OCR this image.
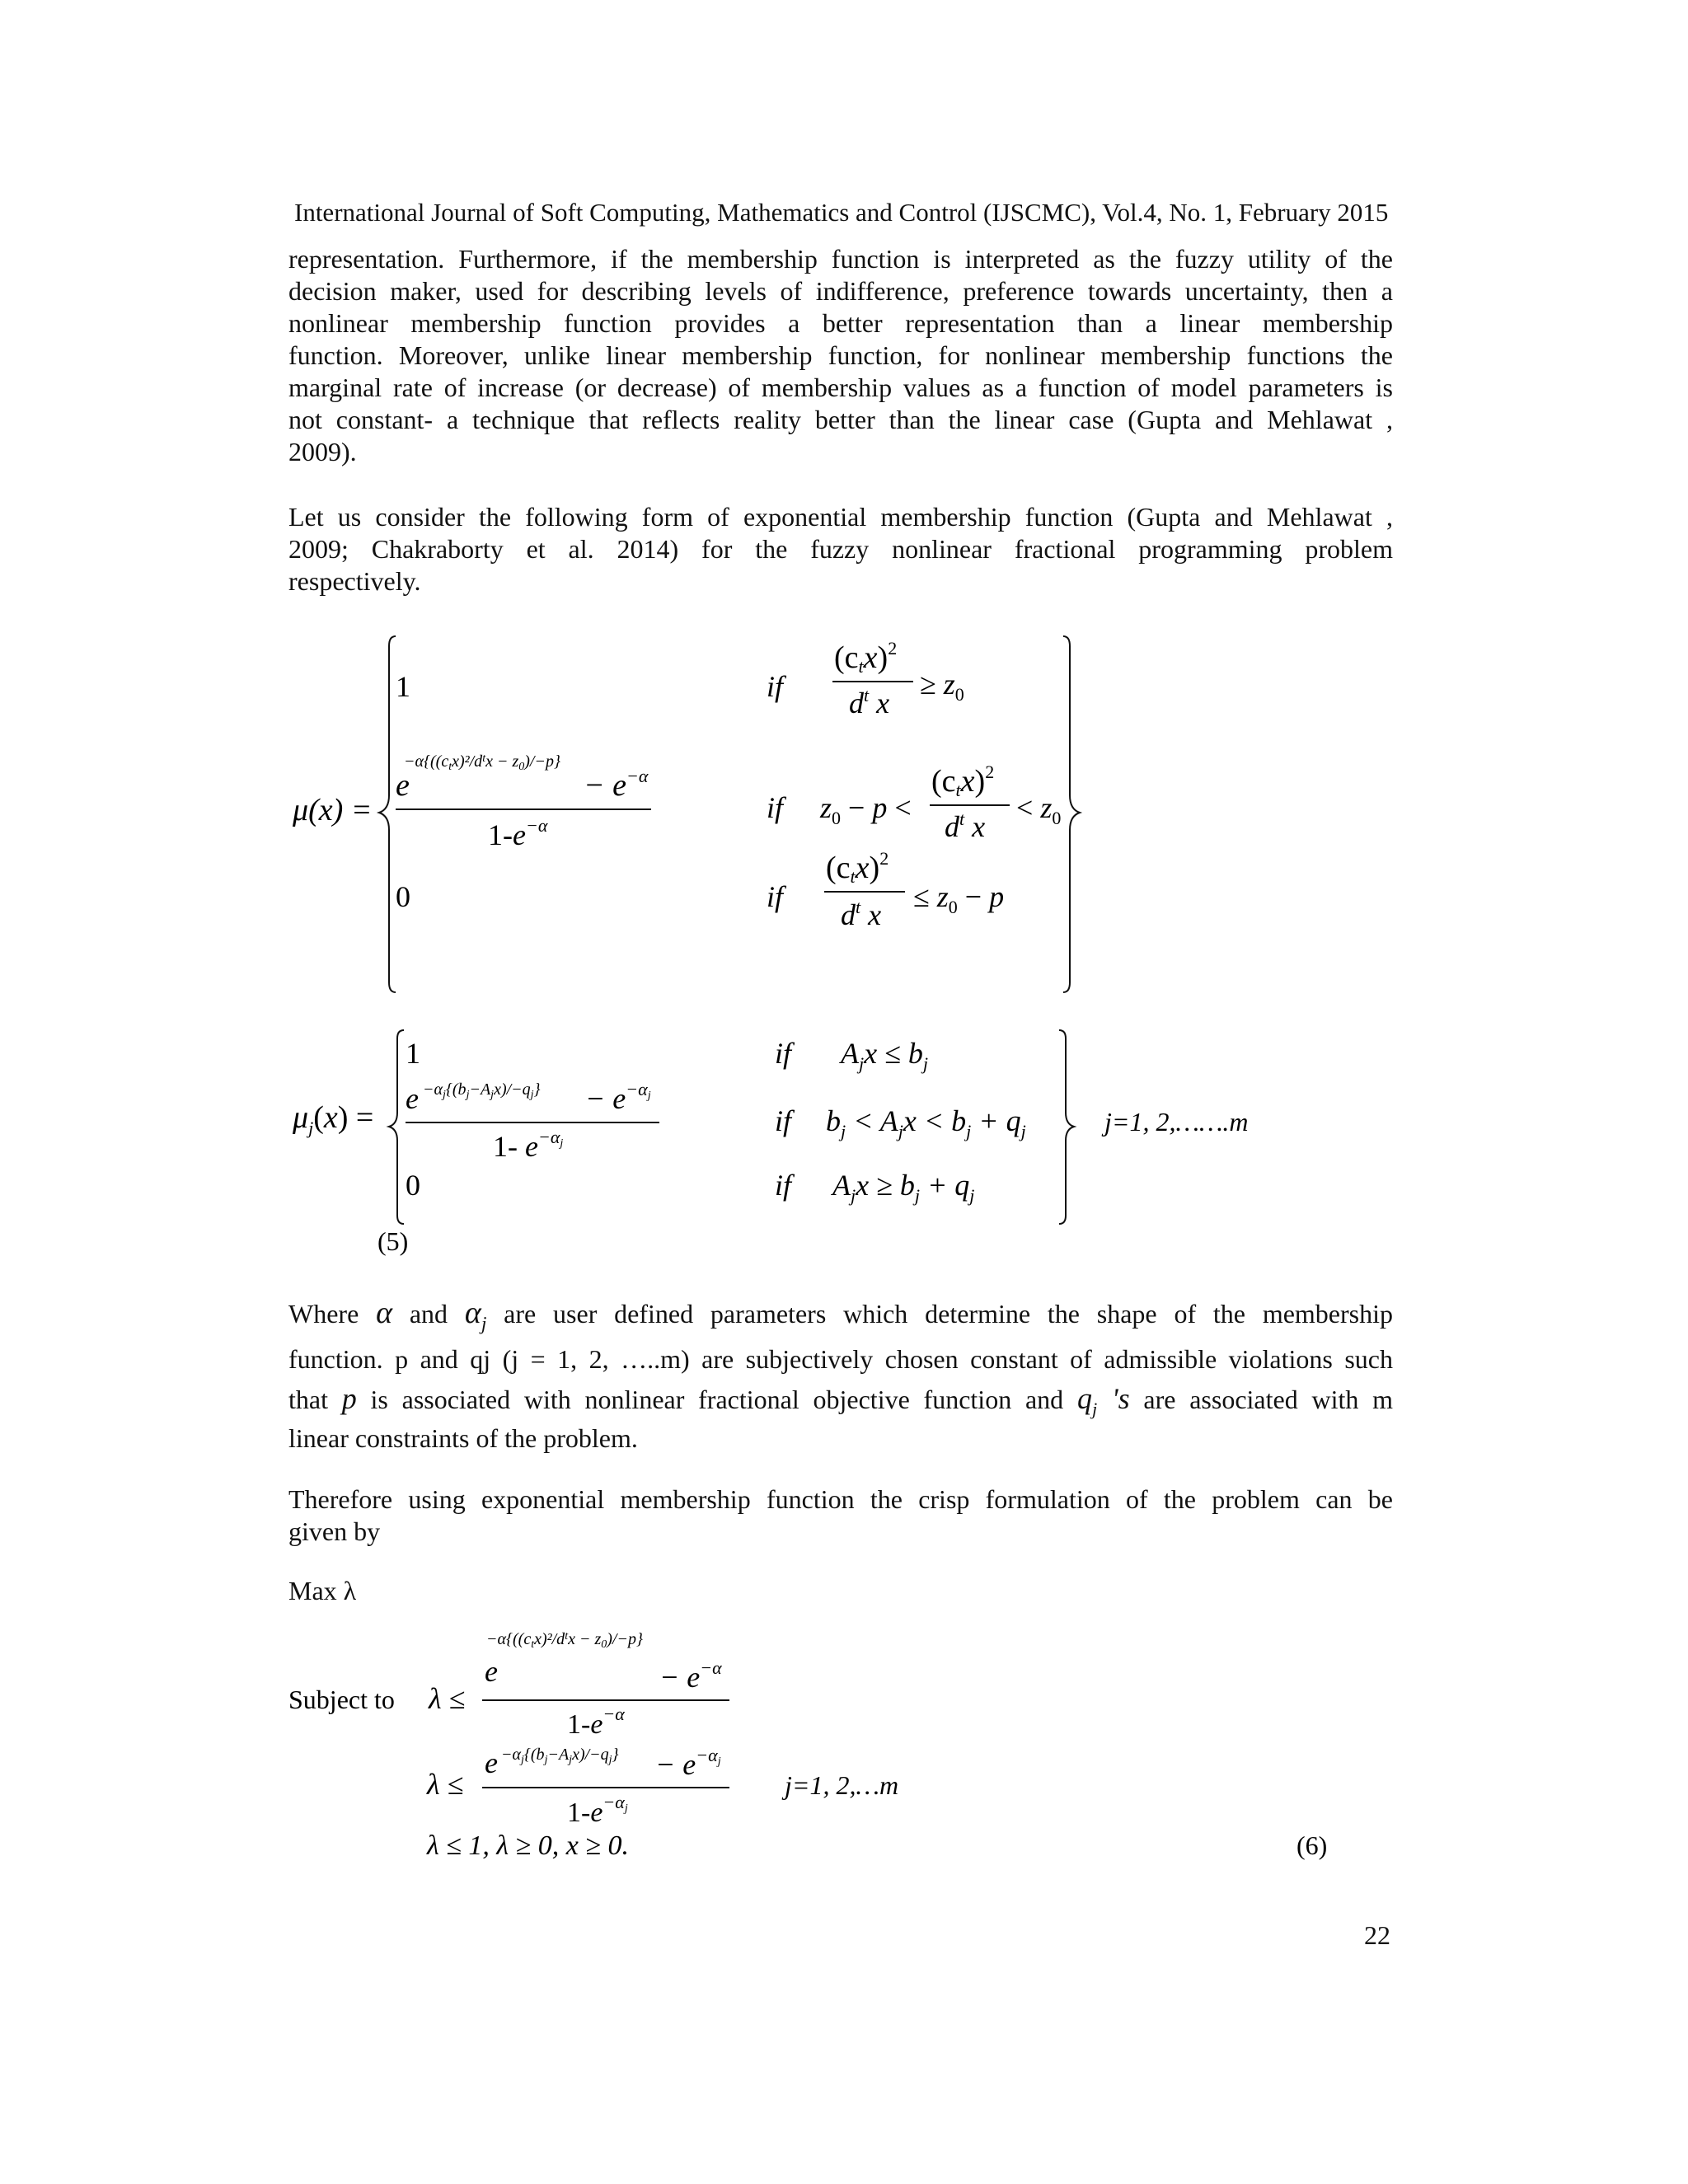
International Journal of Soft Computing, Mathematics and Control (IJSCMC), Vol.4, No. 1, February 2015
representation. Furthermore, if the membership function is interpreted as the fuzzy utility of the
decision maker, used for describing levels of indifference, preference towards uncertainty, then a
nonlinear membership function provides a better representation than a linear membership
function. Moreover, unlike linear membership function, for nonlinear membership functions the
marginal rate of increase (or decrease) of membership values as a function of model parameters is
not constant- a technique that reflects reality better than the linear case (Gupta and Mehlawat ,
2009).
Let us consider the following form of exponential membership function (Gupta and Mehlawat ,
2009; Chakraborty et al. 2014) for the fuzzy nonlinear fractional programming problem
respectively.
μ(x) =
1	if
(ctx)$^2$
$d^t$ x
≥ $z_0$
$-\alpha\{((c_tx)^2/d^tx - z_0)/-p\}$
e	− $e^{-\alpha}$
$1-e^{-\alpha}$
if $z_0 - p$ <
(ctx)$^2$
$d^t$ x
< $z_0$
0	if
(ctx)$^2$
$d^t$ x
≤ $z_0 - p$
$\mu_j(x)$ =
1	if $A_jx \le b_j$
$e -\alpha_j\{(b_j-A_jx)/-q_j\} - e^{-\alpha}j$
1- $e^{-\alpha}j$
if $b_j < A_jx < b_j + q_j$
0	if $A_jx \ge b_j + q_j$
j=1, 2,…….m
(5)
Where α and $\alpha_j$ are user defined parameters which determine the shape of the membership
function. p and qj (j = 1, 2, …..m) are subjectively chosen constant of admissible violations such
that p is associated with nonlinear fractional objective function and $q_j$ 's are associated with m
linear constraints of the problem.
Therefore using exponential membership function the crisp formulation of the problem can be
given by
Max λ
Subject to λ ≤
$-\alpha\{((c_tx)^2/d^tx - z_0)/-p\}$
e	− $e^{-\alpha}$
$1-e^{-\alpha}$
λ ≤
$e -\alpha_j\{(b_j-A_jx)/-q_j\} - e^{-\alpha}j$
$1-e^{-\alpha}j$
j=1, 2,…m
λ ≤ 1, λ ≥ 0, x ≥ 0.	(6)
22
